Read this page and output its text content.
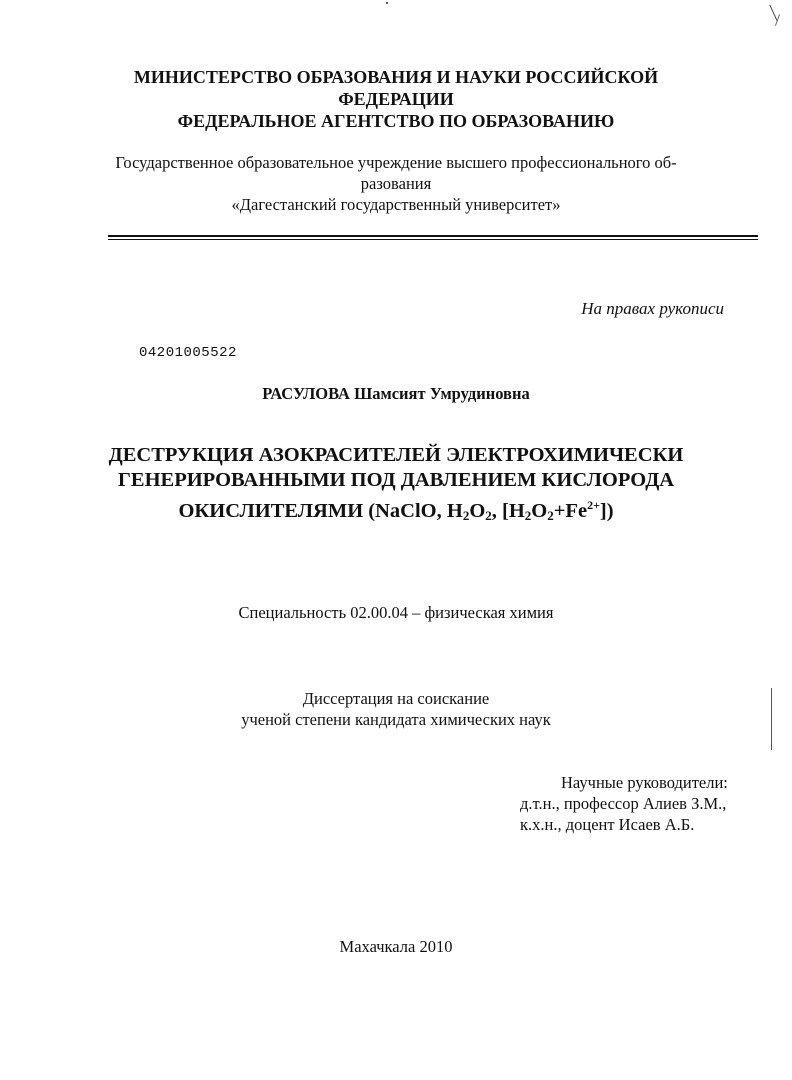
МИНИСТЕРСТВО ОБРАЗОВАНИЯ И НАУКИ РОССИЙСКОЙ
ФЕДЕРАЦИИ
ФЕДЕРАЛЬНОЕ АГЕНТСТВО ПО ОБРАЗОВАНИЮ
Государственное образовательное учреждение высшего профессионального об-
разования
«Дагестанский государственный университет»
На правах рукописи
04201005522
РАСУЛОВА Шамсият Умрудиновна
ДЕСТРУКЦИЯ АЗОКРАСИТЕЛЕЙ ЭЛЕКТРОХИМИЧЕСКИ
ГЕНЕРИРОВАННЫМИ ПОД ДАВЛЕНИЕМ КИСЛОРОДА
ОКИСЛИТЕЛЯМИ (NaClO, $H_2O_2$, $[H_2O_2+Fe^{2+}]$)
Специальность 02.00.04 – физическая химия
Диссертация на соискание
ученой степени кандидата химических наук
Научные руководители:
д.т.н., профессор Алиев З.М.,
к.х.н., доцент Исаев А.Б.
Махачкала 2010
